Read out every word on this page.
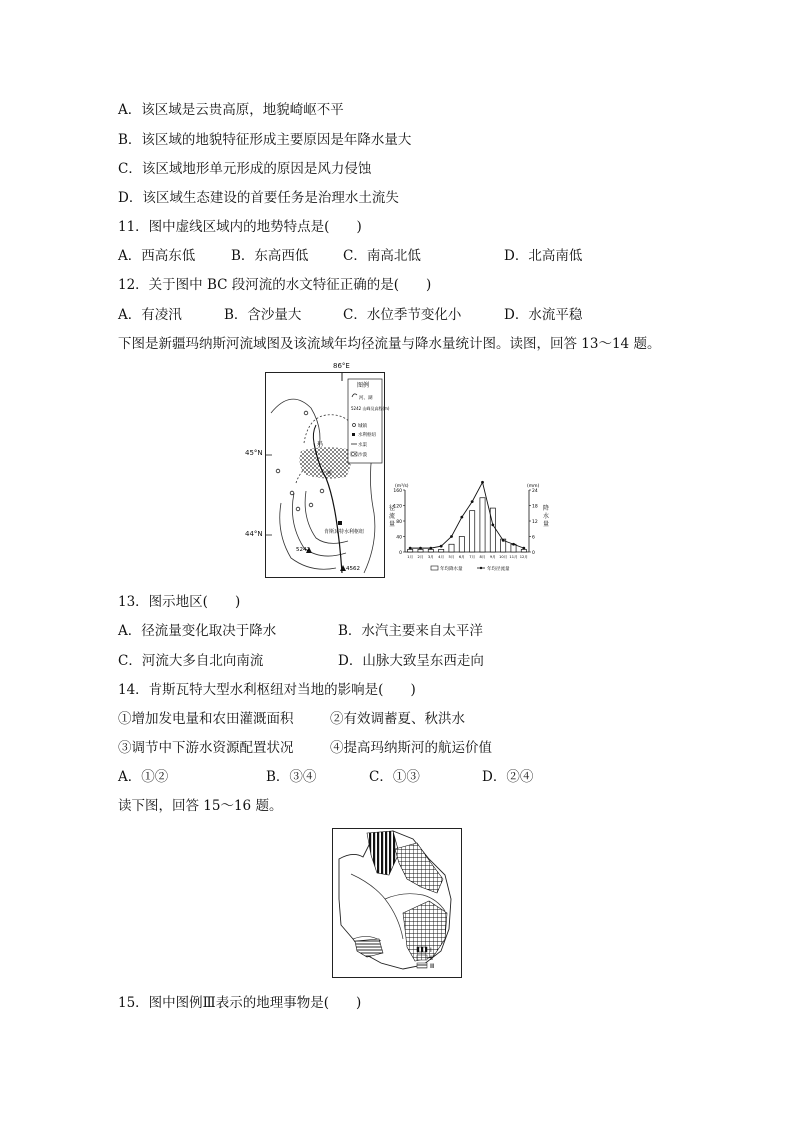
A．该区域是云贵高原，地貌崎岖不平
B．该区域的地貌特征形成主要原因是年降水量大
C．该区域地形单元形成的原因是风力侵蚀
D．该区域生态建设的首要任务是治理水土流失
11．图中虚线区域内的地势特点是(　　)
A．西高东低	B．东高西低	C．南高北低	D．北高南低
12．关于图中 BC 段河流的水文特征正确的是(　　)
A．有凌汛	B．含沙量大	C．水位季节变化小	D．水流平稳
下图是新疆玛纳斯河流域图及该流域年均径流量与降水量统计图。读图，回答 13～14 题。
玛
河
肯斯瓦特水利枢纽
5242
4562
图例
河、湖
5242 山峰及高程(m)
城镇
水利枢纽
水渠
沙漠
86°E
45°N
44°N
0
40
80
120
160
0
6
12
18
24
(m³/s)	(mm)
径
流
量
降
水
量
1月 2月 3月 4月 5月 6月 7月 8月 9月 10月 11月 12月
年均降水量	年均径流量
13．图示地区(　　)
A．径流量变化取决于降水	B．水汽主要来自太平洋
C．河流大多自北向南流	D．山脉大致呈东西走向
14．肯斯瓦特大型水利枢纽对当地的影响是(　　)
①增加发电量和农田灌溉面积	②有效调蓄夏、秋洪水
③调节中下游水资源配置状况	④提高玛纳斯河的航运价值
A．①②	B．③④	C．①③	D．②④
读下图，回答 15～16 题。
Ⅰ
Ⅱ
Ⅲ
15．图中图例Ⅲ表示的地理事物是(　　)
